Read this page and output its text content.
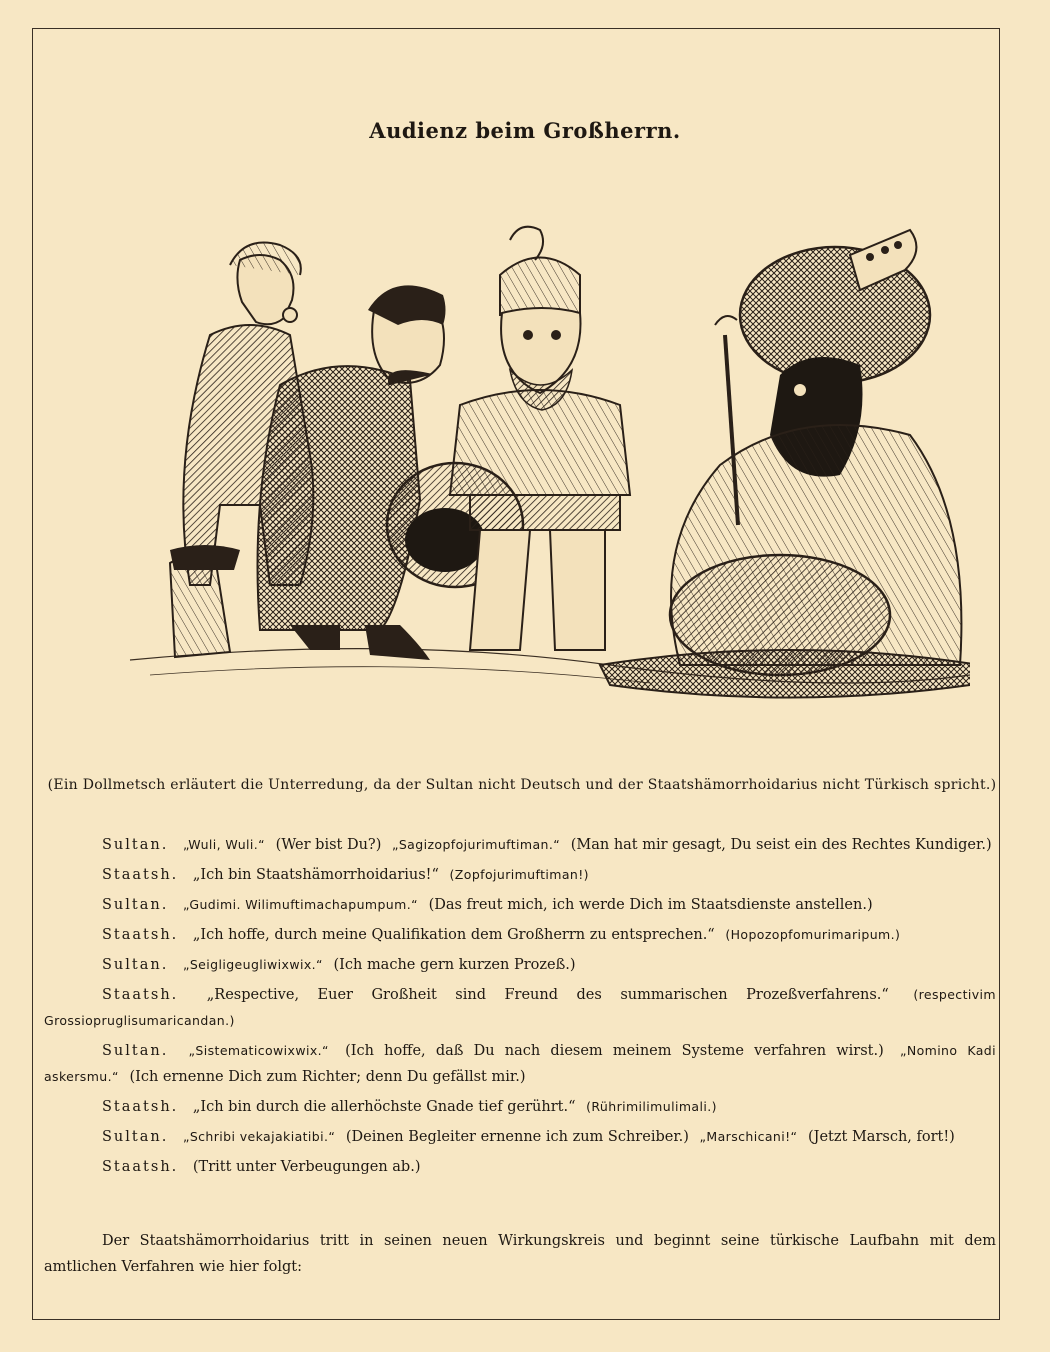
Audienz beim Großherrn.
(Ein Dollmetsch erläutert die Unterredung, da der Sultan nicht Deutsch und der Staatshämorrhoidarius nicht Türkisch spricht.)

Sultan. „Wuli, Wuli.“ (Wer bist Du?) „Sagizopfojurimuftiman.“ (Man hat mir gesagt, Du seist ein des Rechtes Kundiger.)

Staatsh. „Ich bin Staatshämorrhoidarius!“ (Zopfojurimuftiman!)

Sultan. „Gudimi. Wilimuftimachapumpum.“ (Das freut mich, ich werde Dich im Staatsdienste anstellen.)

Staatsh. „Ich hoffe, durch meine Qualifikation dem Großherrn zu entsprechen.“ (Hopozopfomurimaripum.)

Sultan. „Seigligeugliwixwix.“ (Ich mache gern kurzen Prozeß.)

Staatsh. „Respective, Euer Großheit sind Freund des summarischen Prozeßverfahrens.“ (respectivim Grossiopruglisumaricandan.)

Sultan. „Sistematicowixwix.“ (Ich hoffe, daß Du nach diesem meinem Systeme verfahren wirst.) „Nomino Kadi askersmu.“ (Ich ernenne Dich zum Richter; denn Du gefällst mir.)

Staatsh. „Ich bin durch die allerhöchste Gnade tief gerührt.“ (Rührimilimulimali.)

Sultan. „Schribi vekajakiatibi.“ (Deinen Begleiter ernenne ich zum Schreiber.) „Marschicani!“ (Jetzt Marsch, fort!)

Staatsh. (Tritt unter Verbeugungen ab.)

Der Staatshämorrhoidarius tritt in seinen neuen Wirkungskreis und beginnt seine türkische Laufbahn mit dem amtlichen Verfahren wie hier folgt:
